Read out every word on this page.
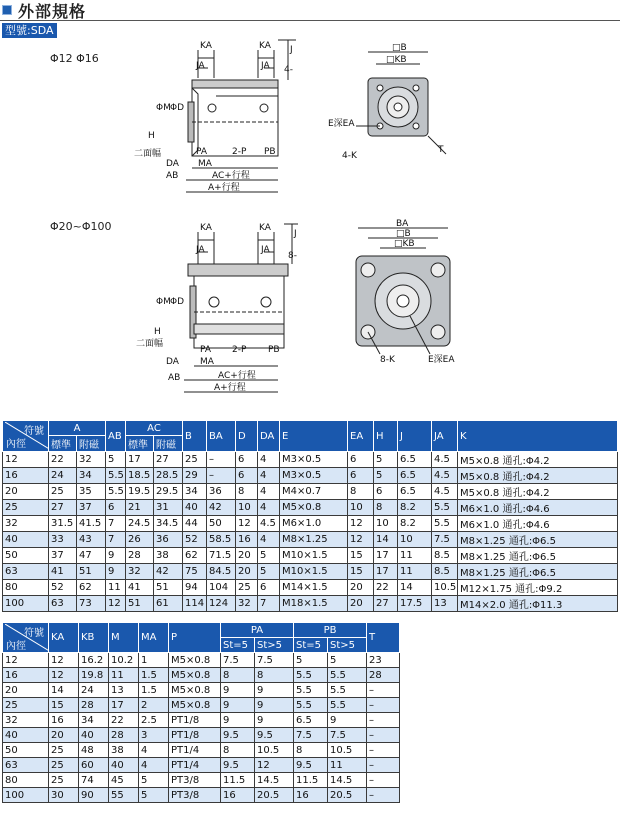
外部規格
型號:SDA
Φ12 Φ16
KA	KA
JA	JA
J
4-
ΦM ΦD
H
二面幅
DA MA
AB
2-P
PA	PB
AC+行程
A+行程
□B
□KB
E深EA
4-K
T
Φ20~Φ100	KA	KA
JA	JA
J
8-
ΦM ΦD
H
二面幅
DA MA
AB
2-P
PA	PB
AC+行程
A+行程
BA
□B
□KB
8-K	E深EA
符號
內徑	A		AB	AC		B	BA	D	DA	E	EA	H	J	JA	K
	標準	附磁		標準	附磁										
12	22	32	5	17	27	25	–	6	4	M3×0.5	6	5	6.5	4.5	M5×0.8 通孔:Φ4.2
16	24	34	5.5	18.5	28.5	29	–	6	4	M3×0.5	6	5	6.5	4.5	M5×0.8 通孔:Φ4.2
20	25	35	5.5	19.5	29.5	34	36	8	4	M4×0.7	8	6	6.5	4.5	M5×0.8 通孔:Φ4.2
25	27	37	6	21	31	40	42	10	4	M5×0.8	10	8	8.2	5.5	M6×1.0 通孔:Φ4.6
32	31.5	41.5	7	24.5	34.5	44	50	12	4.5	M6×1.0	12	10	8.2	5.5	M6×1.0 通孔:Φ4.6
40	33	43	7	26	36	52	58.5	16	4	M8×1.25	12	14	10	7.5	M8×1.25 通孔:Φ6.5
50	37	47	9	28	38	62	71.5	20	5	M10×1.5	15	17	11	8.5	M8×1.25 通孔:Φ6.5
63	41	51	9	32	42	75	84.5	20	5	M10×1.5	15	17	11	8.5	M8×1.25 通孔:Φ6.5
80	52	62	11	41	51	94	104	25	6	M14×1.5	20	22	14	10.5	M12×1.75 通孔:Φ9.2
100	63	73	12	51	61	114	124	32	7	M18×1.5	20	27	17.5	13	M14×2.0 通孔:Φ11.3
符號
內徑	KA	KB	M	MA	P	PA		PB		T
						St=5	St>5	St=5	St>5	
12	12	16.2	10.2	1	M5×0.8	7.5	7.5	5	5	23
16	12	19.8	11	1.5	M5×0.8	8	8	5.5	5.5	28
20	14	24	13	1.5	M5×0.8	9	9	5.5	5.5	–
25	15	28	17	2	M5×0.8	9	9	5.5	5.5	–
32	16	34	22	2.5	PT1/8	9	9	6.5	9	–
40	20	40	28	3	PT1/8	9.5	9.5	7.5	7.5	–
50	25	48	38	4	PT1/4	8	10.5	8	10.5	–
63	25	60	40	4	PT1/4	9.5	12	9.5	11	–
80	25	74	45	5	PT3/8	11.5	14.5	11.5	14.5	–
100	30	90	55	5	PT3/8	16	20.5	16	20.5	–
